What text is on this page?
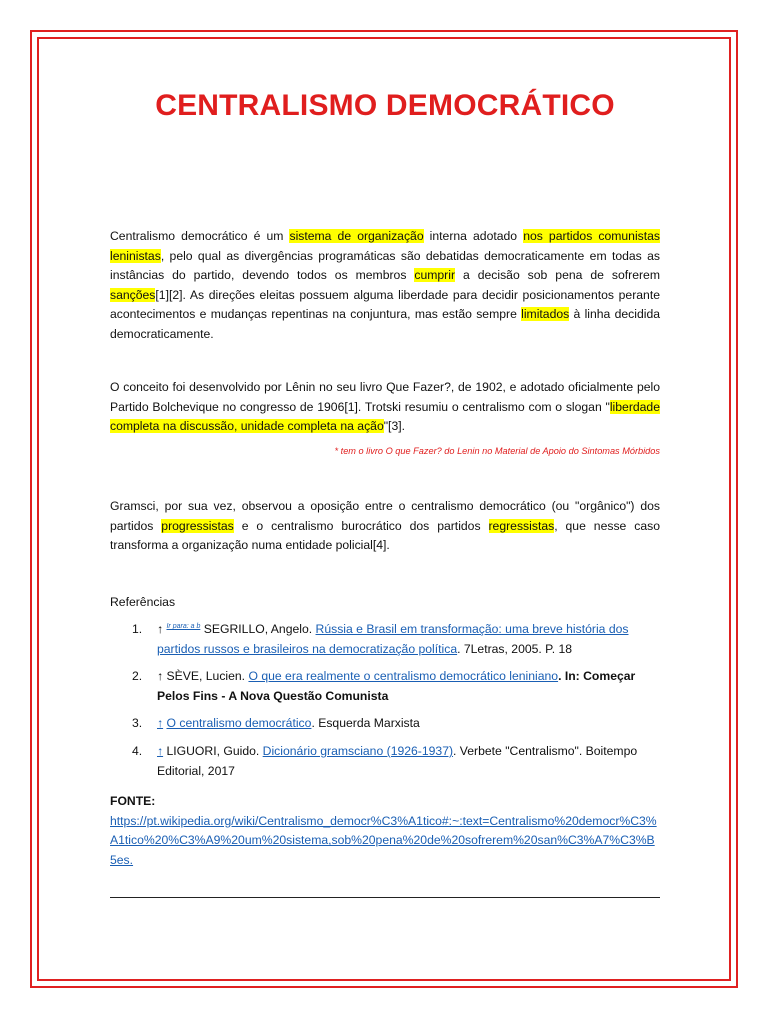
CENTRALISMO DEMOCRÁTICO

Centralismo democrático é um sistema de organização interna adotado nos partidos comunistas leninistas, pelo qual as divergências programáticas são debatidas democraticamente em todas as instâncias do partido, devendo todos os membros cumprir a decisão sob pena de sofrerem sanções[1][2]. As direções eleitas possuem alguma liberdade para decidir posicionamentos perante acontecimentos e mudanças repentinas na conjuntura, mas estão sempre limitados à linha decidida democraticamente.

O conceito foi desenvolvido por Lênin no seu livro Que Fazer?, de 1902, e adotado oficialmente pelo Partido Bolchevique no congresso de 1906[1]. Trotski resumiu o centralismo com o slogan "liberdade completa na discussão, unidade completa na ação"[3].

* tem o livro O que Fazer? do Lenin no Material de Apoio do Sintomas Mórbidos

Gramsci, por sua vez, observou a oposição entre o centralismo democrático (ou "orgânico") dos partidos progressistas e o centralismo burocrático dos partidos regressistas, que nesse caso transforma a organização numa entidade policial[4].

Referências
1. ↑ $^{Ir para: a b}$ SEGRILLO, Angelo. Rússia e Brasil em transformação: uma breve história dos partidos russos e brasileiros na democratização política. 7Letras, 2005. P. 18
2. ↑ SÈVE, Lucien. O que era realmente o centralismo democrático leniniano. In: Começar Pelos Fins - A Nova Questão Comunista
3. ↑ O centralismo democrático. Esquerda Marxista
4. ↑ LIGUORI, Guido. Dicionário gramsciano (1926-1937). Verbete "Centralismo". Boitempo Editorial, 2017
FONTE:
https://pt.wikipedia.org/wiki/Centralismo_democr%C3%A1tico#:~:text=Centralismo%20democr%C3%A1tico%20%C3%A9%20um%20sistema,sob%20pena%20de%20sofrerem%20san%C3%A7%C3%B5es.
